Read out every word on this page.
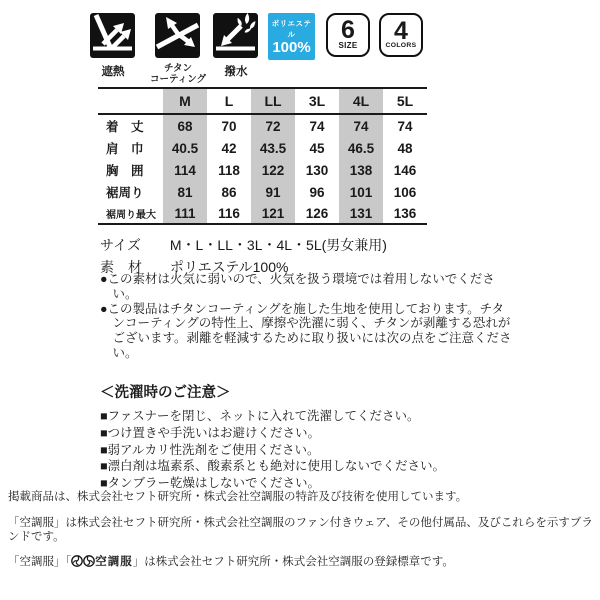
遮熱	チタン
コーティング
撥水
ポリエステル
100%
6
SIZE
4
COLORS
	M	L	LL	3L	4L	5L
着　丈	68	70	72	74	74	74
肩　巾	40.5	42	43.5	45	46.5	48
胸　囲	114	118	122	130	138	146
裾周り	81	86	91	96	101	106
裾周り最大	111	116	121	126	131	136
サイズ M・L・LL・3L・4L・5L(男女兼用)
素　材 ポリエステル100%

●この素材は火気に弱いので、火気を扱う環境では着用しないでください。

●この製品はチタンコーティングを施した生地を使用しております。チタンコーティングの特性上、摩擦や洗濯に弱く、チタンが剥離する恐れがございます。剥離を軽減するために取り扱いには次の点をご注意ください。

＜洗濯時のご注意＞
■ファスナーを閉じ、ネットに入れて洗濯してください。
■つけ置きや手洗いはお避けください。
■弱アルカリ性洗剤をご使用ください。
■漂白剤は塩素系、酸素系とも絶対に使用しないでください。
■タンブラー乾燥はしないでください。

掲載商品は、株式会社セフト研究所・株式会社空調服の特許及び技術を使用しています。

「空調服」は株式会社セフト研究所・株式会社空調服のファン付きウェア、その他付属品、及びこれらを示すブランドです。

「空調服」「 空調服」は株式会社セフト研究所・株式会社空調服の登録標章です。
